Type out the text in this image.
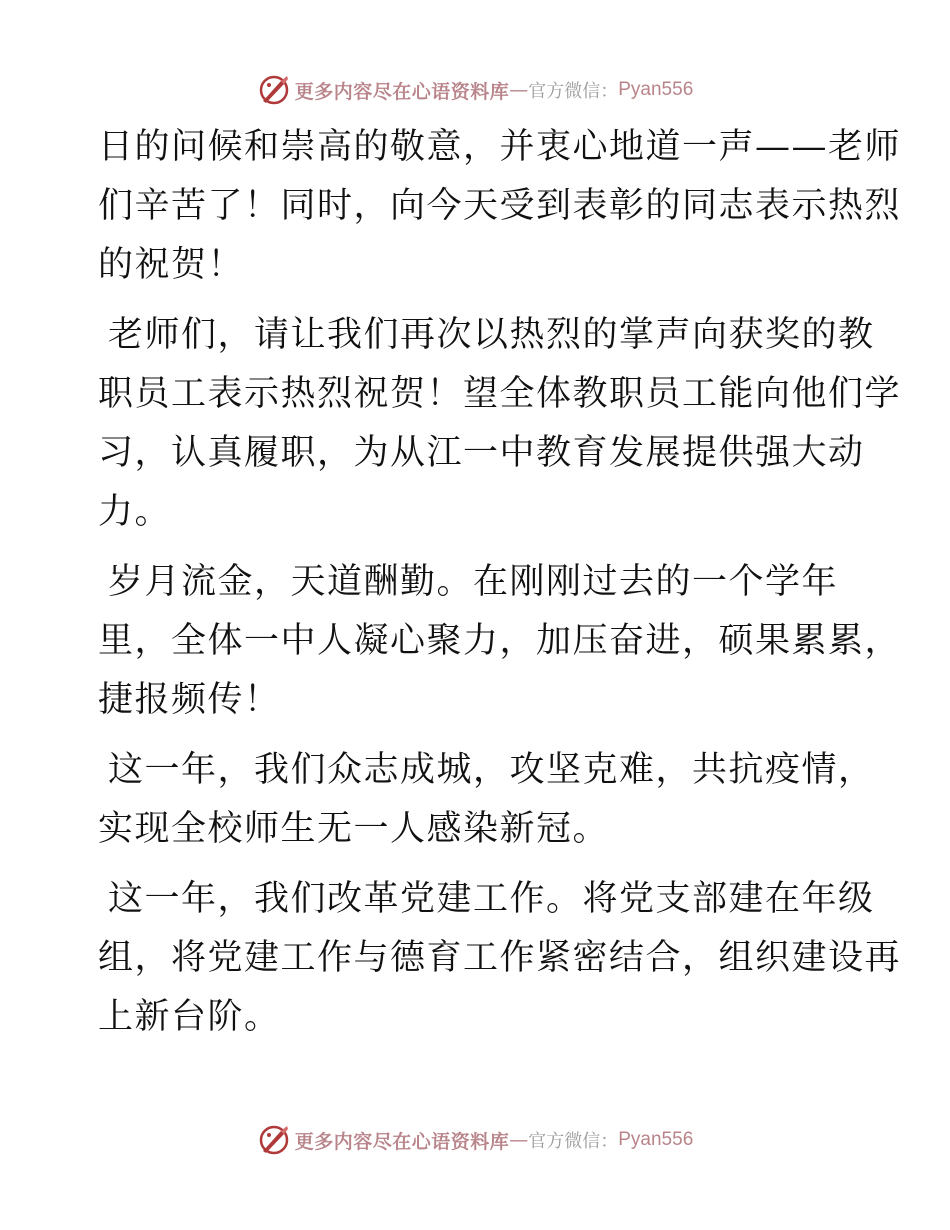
更多内容尽在心语资料库 — 官方微信： Pyan556

日的问候和崇高的敬意，并衷心地道一声——老师
们辛苦了！同时，向今天受到表彰的同志表示热烈
的祝贺！

老师们，请让我们再次以热烈的掌声向获奖的教
职员工表示热烈祝贺！望全体教职员工能向他们学
习，认真履职，为从江一中教育发展提供强大动
力。

岁月流金，天道酬勤。在刚刚过去的一个学年
里，全体一中人凝心聚力，加压奋进，硕果累累，
捷报频传！

这一年，我们众志成城，攻坚克难，共抗疫情，
实现全校师生无一人感染新冠。

这一年，我们改革党建工作。将党支部建在年级
组，将党建工作与德育工作紧密结合，组织建设再
上新台阶。

更多内容尽在心语资料库 — 官方微信： Pyan556
